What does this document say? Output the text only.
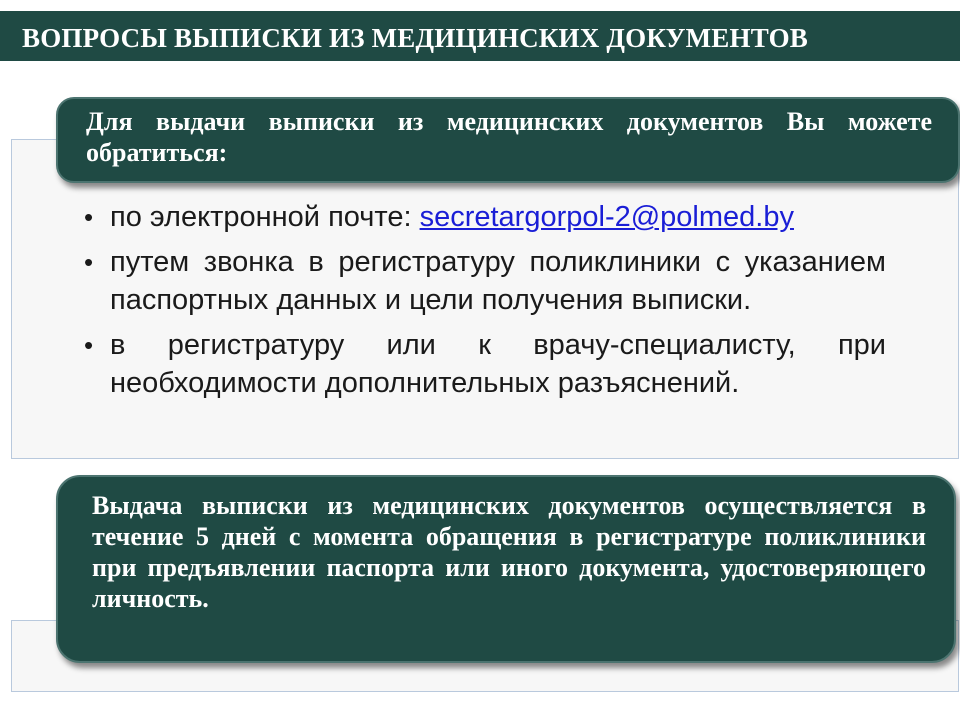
ВОПРОСЫ ВЫПИСКИ ИЗ МЕДИЦИНСКИХ ДОКУМЕНТОВ
Для выдачи выписки из медицинских документов Вы можете обратиться:
• по электронной почте: secretargorpol-2@polmed.by
• путем звонка в регистратуру поликлиники с указанием паспортных данных и цели получения выписки.
• в регистратуру или к врачу-специалисту, при необходимости дополнительных разъяснений.
Выдача выписки из медицинских документов осуществляется в течение 5 дней с момента обращения в регистратуре поликлиники при предъявлении паспорта или иного документа, удостоверяющего личность.
